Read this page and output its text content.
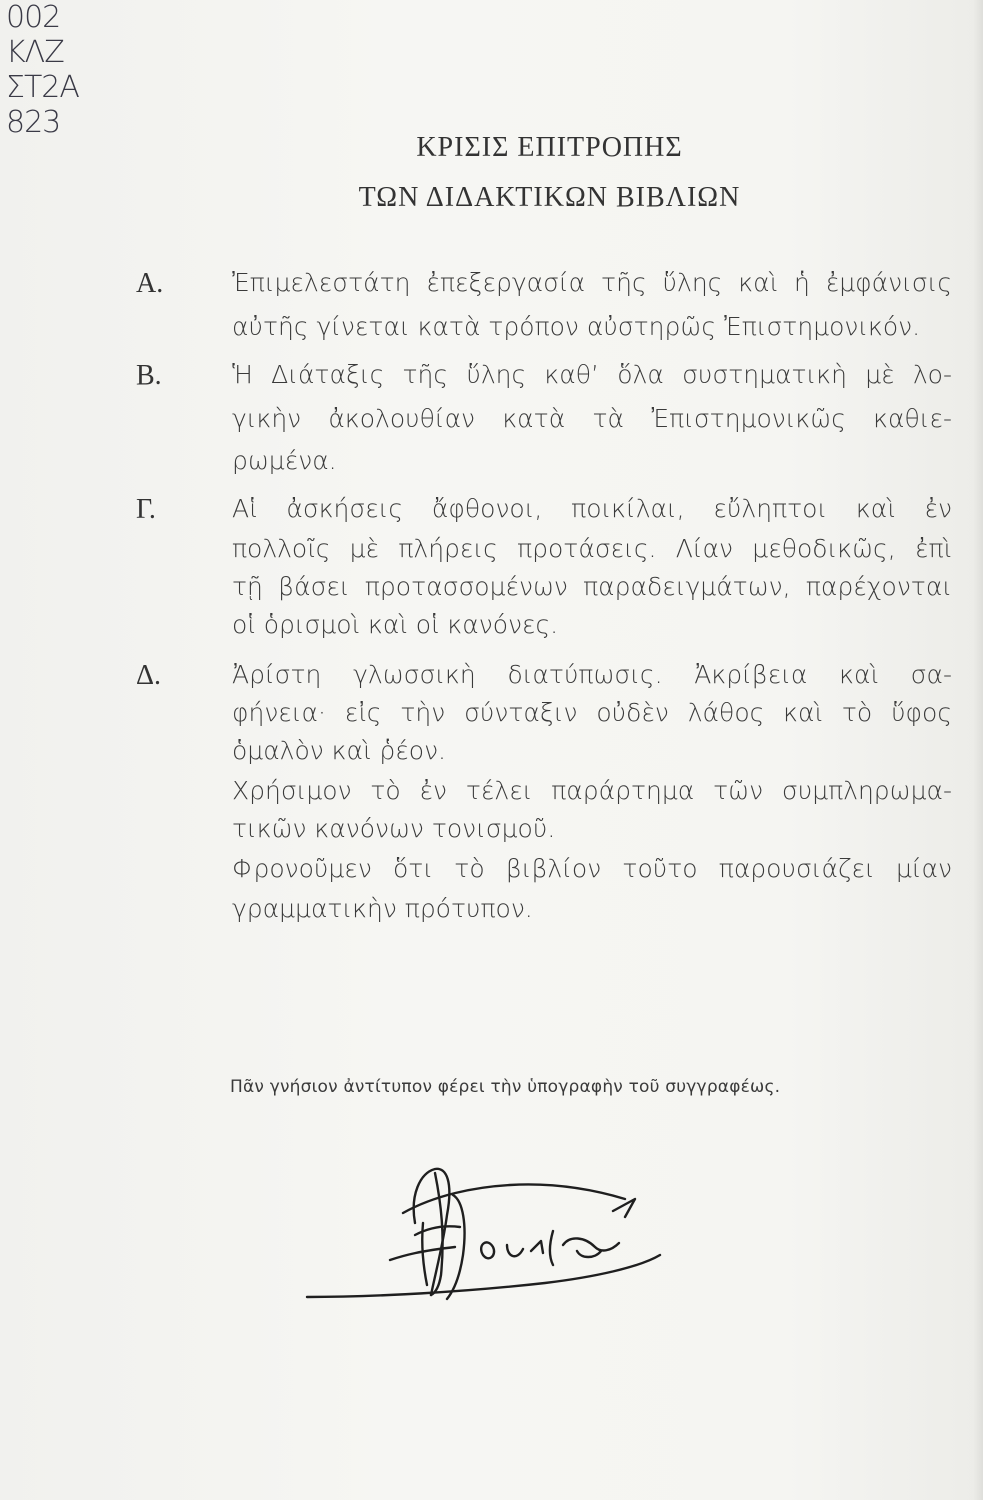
002
ΚΛΖ
ΣΤ2Α
823
ΚΡΙΣΙΣ ΕΠΙΤΡΟΠΗΣ
ΤΩΝ ΔΙΔΑΚΤΙΚΩΝ ΒΙΒΛΙΩΝ
Α.	Ἐπιμελεστάτη ἐπεξεργασία τῆς ὕλης καὶ ἡ ἐμφάνισις
αὐτῆς γίνεται κατὰ τρόπον αὐστηρῶς Ἐπιστημονικόν.
Β.	Ἡ Διάταξις τῆς ὕλης καθ’ ὅλα συστηματικὴ μὲ λο-
γικὴν ἀκολουθίαν κατὰ τὰ Ἐπιστημονικῶς καθιε-
ρωμένα.
Γ.	Αἱ ἀσκήσεις ἄφθονοι, ποικίλαι, εὔληπτοι καὶ ἐν
πολλοῖς μὲ πλήρεις προτάσεις. Λίαν μεθοδικῶς, ἐπὶ
τῇ βάσει προτασσομένων παραδειγμάτων, παρέχονται
οἱ ὁρισμοὶ καὶ οἱ κανόνες.
Δ.	Ἀρίστη γλωσσικὴ διατύπωσις. Ἀκρίβεια καὶ σα-
φήνεια· εἰς τὴν σύνταξιν οὐδὲν λάθος καὶ τὸ ὕφος
ὁμαλὸν καὶ ῥέον.
Χρήσιμον τὸ ἐν τέλει παράρτημα τῶν συμπληρωμα-
τικῶν κανόνων τονισμοῦ.
Φρονοῦμεν ὅτι τὸ βιβλίον τοῦτο παρουσιάζει μίαν
γραμματικὴν πρότυπον.
Πᾶν γνήσιον ἀντίτυπον φέρει τὴν ὑπογραφὴν τοῦ συγγραφέως.
